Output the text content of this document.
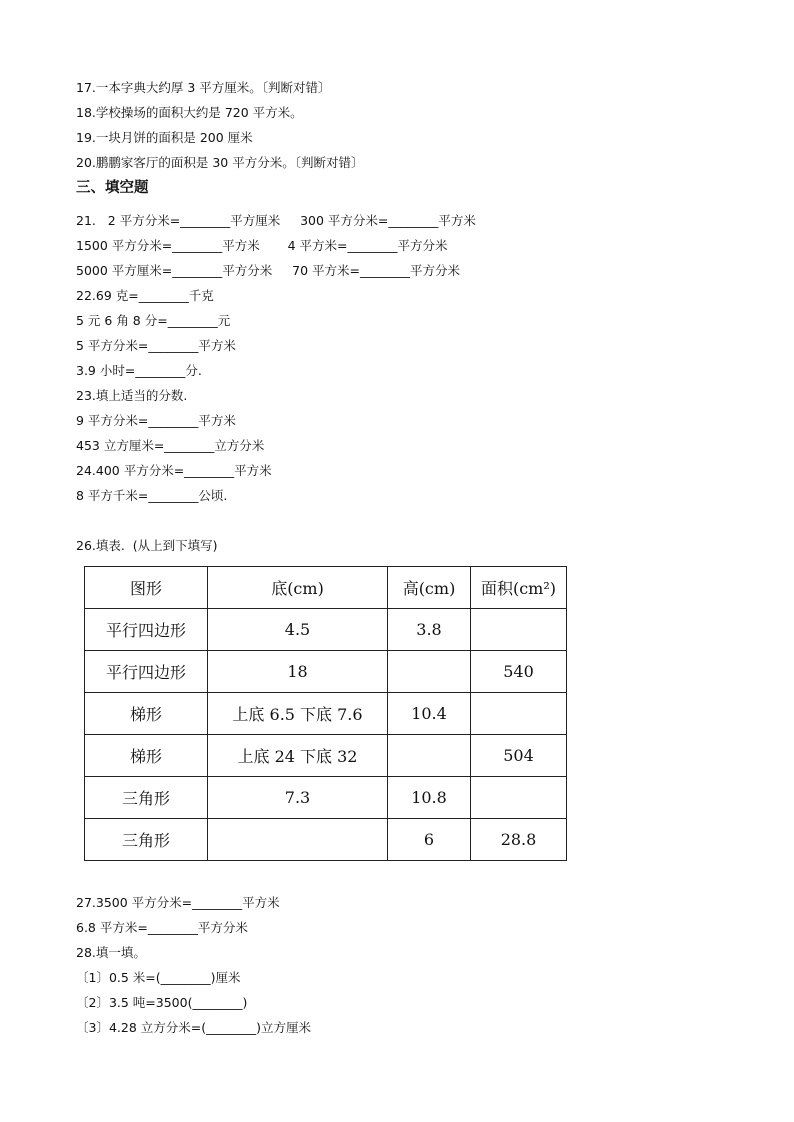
17.一本字典大约厚 3 平方厘米。〔判断对错〕
18.学校操场的面积大约是 720 平方米。
19.一块月饼的面积是 200 厘米
20.鹏鹏家客厅的面积是 30 平方分米。〔判断对错〕
三、填空题
21.   2 平方分米=________平方厘米     300 平方分米=________平方米
1500 平方分米=________平方米       4 平方米=________平方分米
5000 平方厘米=________平方分米     70 平方米=________平方分米
22.69 克=________千克
5 元 6 角 8 分=________元
5 平方分米=________平方米
3.9 小时=________分.
23.填上适当的分数.
9 平方分米=________平方米
453 立方厘米=________立方分米
24.400 平方分米=________平方米
8 平方千米=________公顷.
26.填表.  (从上到下填写)
图形	底(cm)	高(cm)	面积(cm²)
平行四边形	4.5	3.8	
平行四边形	18		540
梯形	上底 6.5 下底 7.6	10.4	
梯形	上底 24 下底 32		504
三角形	7.3	10.8	
三角形		6	28.8
27.3500 平方分米=________平方米
6.8 平方米=________平方分米
28.填一填。
〔1〕0.5 米=(________)厘米
〔2〕3.5 吨=3500(________)
〔3〕4.28 立方分米=(________)立方厘米
